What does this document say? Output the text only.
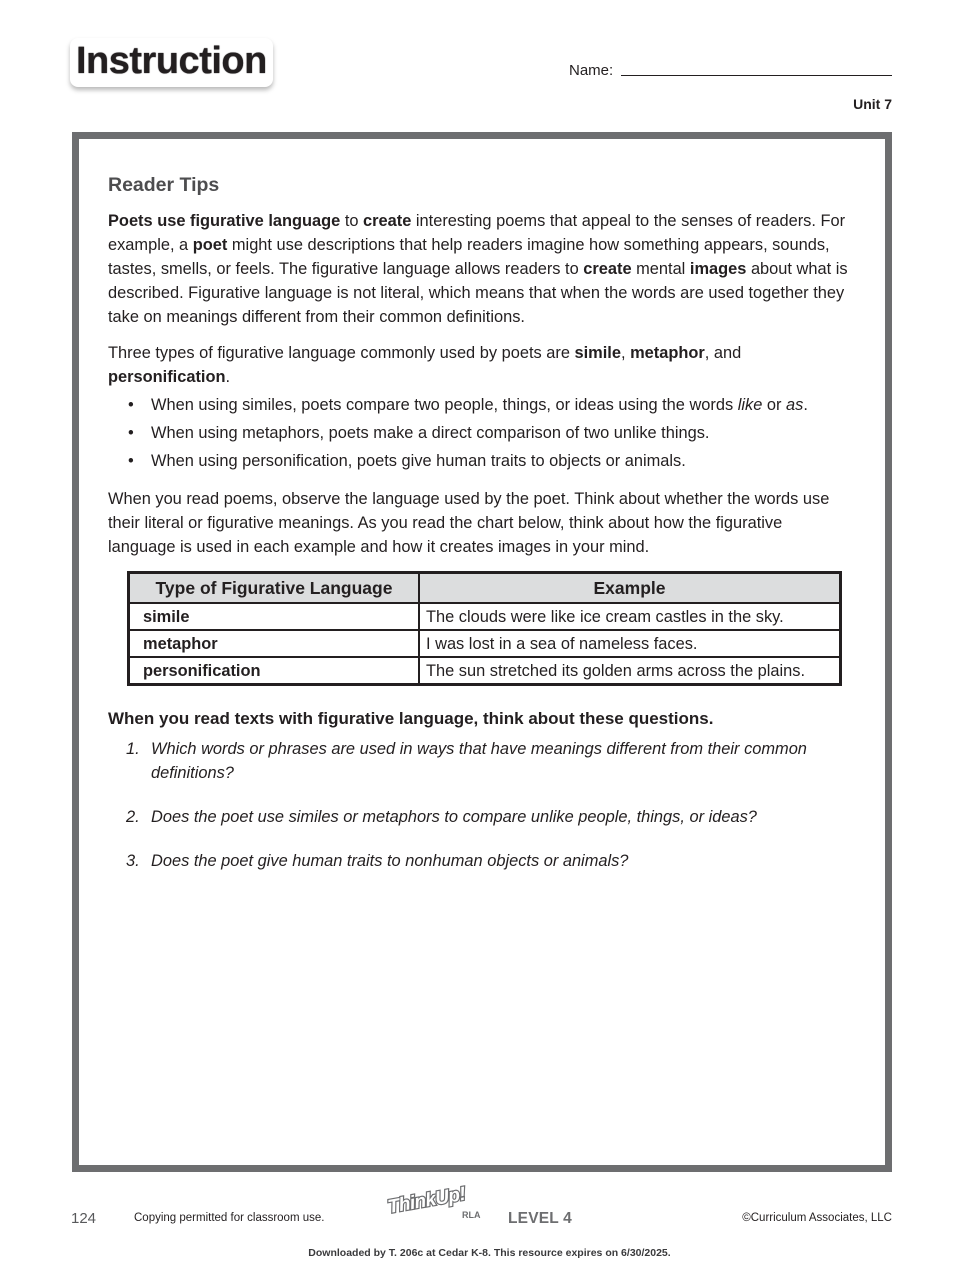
Instruction	Name:
Unit 7
Reader Tips

Poets use figurative language to create interesting poems that appeal to the senses of readers. For example, a poet might use descriptions that help readers imagine how something appears, sounds, tastes, smells, or feels. The figurative language allows readers to create mental images about what is described. Figurative language is not literal, which means that when the words are used together they take on meanings different from their common definitions.

Three types of figurative language commonly used by poets are simile, metaphor, and personification.

• When using similes, poets compare two people, things, or ideas using the words like or as.
• When using metaphors, poets make a direct comparison of two unlike things.
• When using personification, poets give human traits to objects or animals.

When you read poems, observe the language used by the poet. Think about whether the words use their literal or figurative meanings. As you read the chart below, think about how the figurative language is used in each example and how it creates images in your mind.

Type of Figurative Language	Example
simile	The clouds were like ice cream castles in the sky.
metaphor	I was lost in a sea of nameless faces.
personification	The sun stretched its golden arms across the plains.
When you read texts with figurative language, think about these questions.
1. Which words or phrases are used in ways that have meanings different from their common definitions?
2. Does the poet use similes or metaphors to compare unlike people, things, or ideas?
3. Does the poet give human traits to nonhuman objects or animals?
124	Copying permitted for classroom use.	ThinkUp!
RLA LEVEL 4	©Curriculum Associates, LLC
Downloaded by T. 206c at Cedar K-8. This resource expires on 6/30/2025.
